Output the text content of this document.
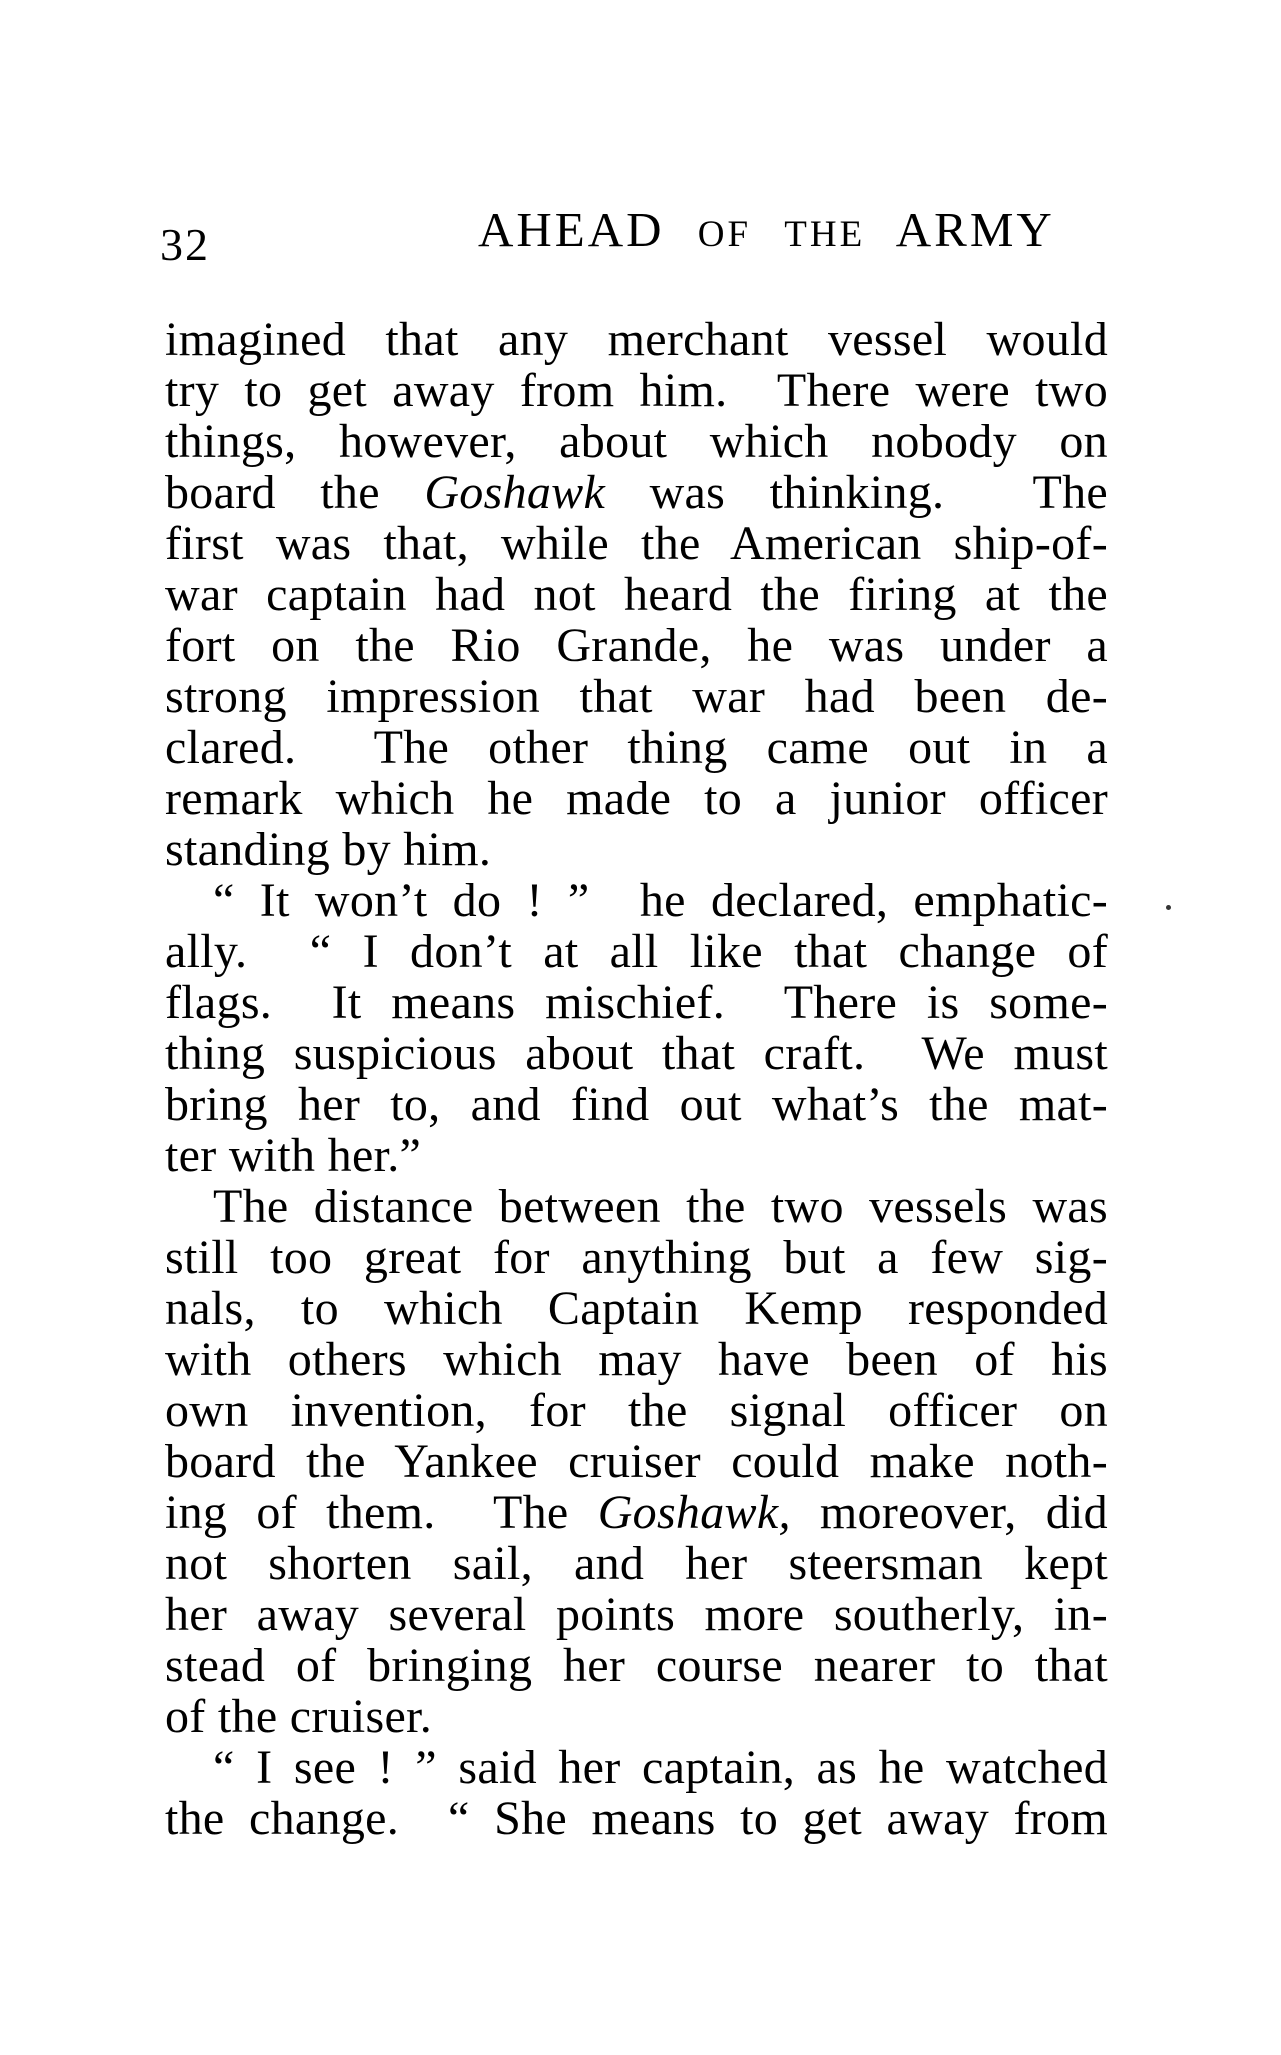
32	AHEAD OF THE ARMY
imagined that any merchant vessel would
try to get away from him.  There were two
things, however, about which nobody on
board the Goshawk was thinking.  The
first was that, while the American ship-of-
war captain had not heard the firing at the
fort on the Rio Grande, he was under a
strong impression that war had been de-
clared.  The other thing came out in a
remark which he made to a junior officer
standing by him.
“ It won’t do ! ”  he declared, emphatic-
ally.  “ I don’t at all like that change of
flags.  It means mischief.  There is some-
thing suspicious about that craft.  We must
bring her to, and find out what’s the mat-
ter with her.”
The distance between the two vessels was
still too great for anything but a few sig-
nals, to which Captain Kemp responded
with others which may have been of his
own invention, for the signal officer on
board the Yankee cruiser could make noth-
ing of them.  The Goshawk, moreover, did
not shorten sail, and her steersman kept
her away several points more southerly, in-
stead of bringing her course nearer to that
of the cruiser.
“ I see ! ” said her captain, as he watched
the change.  “ She means to get away from
